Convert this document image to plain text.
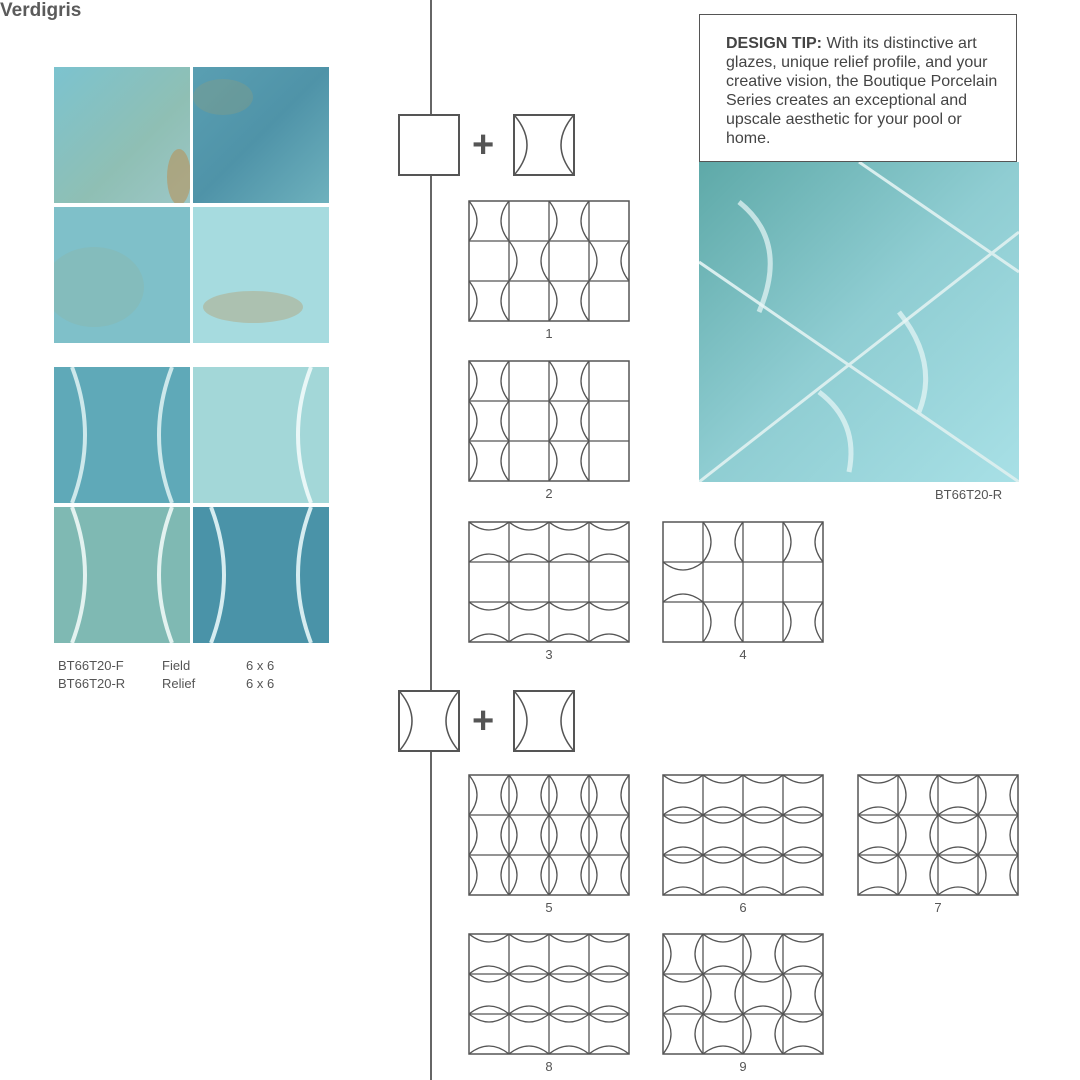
Verdigris
BT66T20-F	Field	6 x 6
BT66T20-R	Relief	6 x 6
+
+
1
2
3	4
5	6	7
8	9
DESIGN TIP: With its distinctive art glazes, unique relief profile, and your creative vision, the Boutique Porcelain Series creates an exceptional and upscale aesthetic for your pool or home.
BT66T20-R
